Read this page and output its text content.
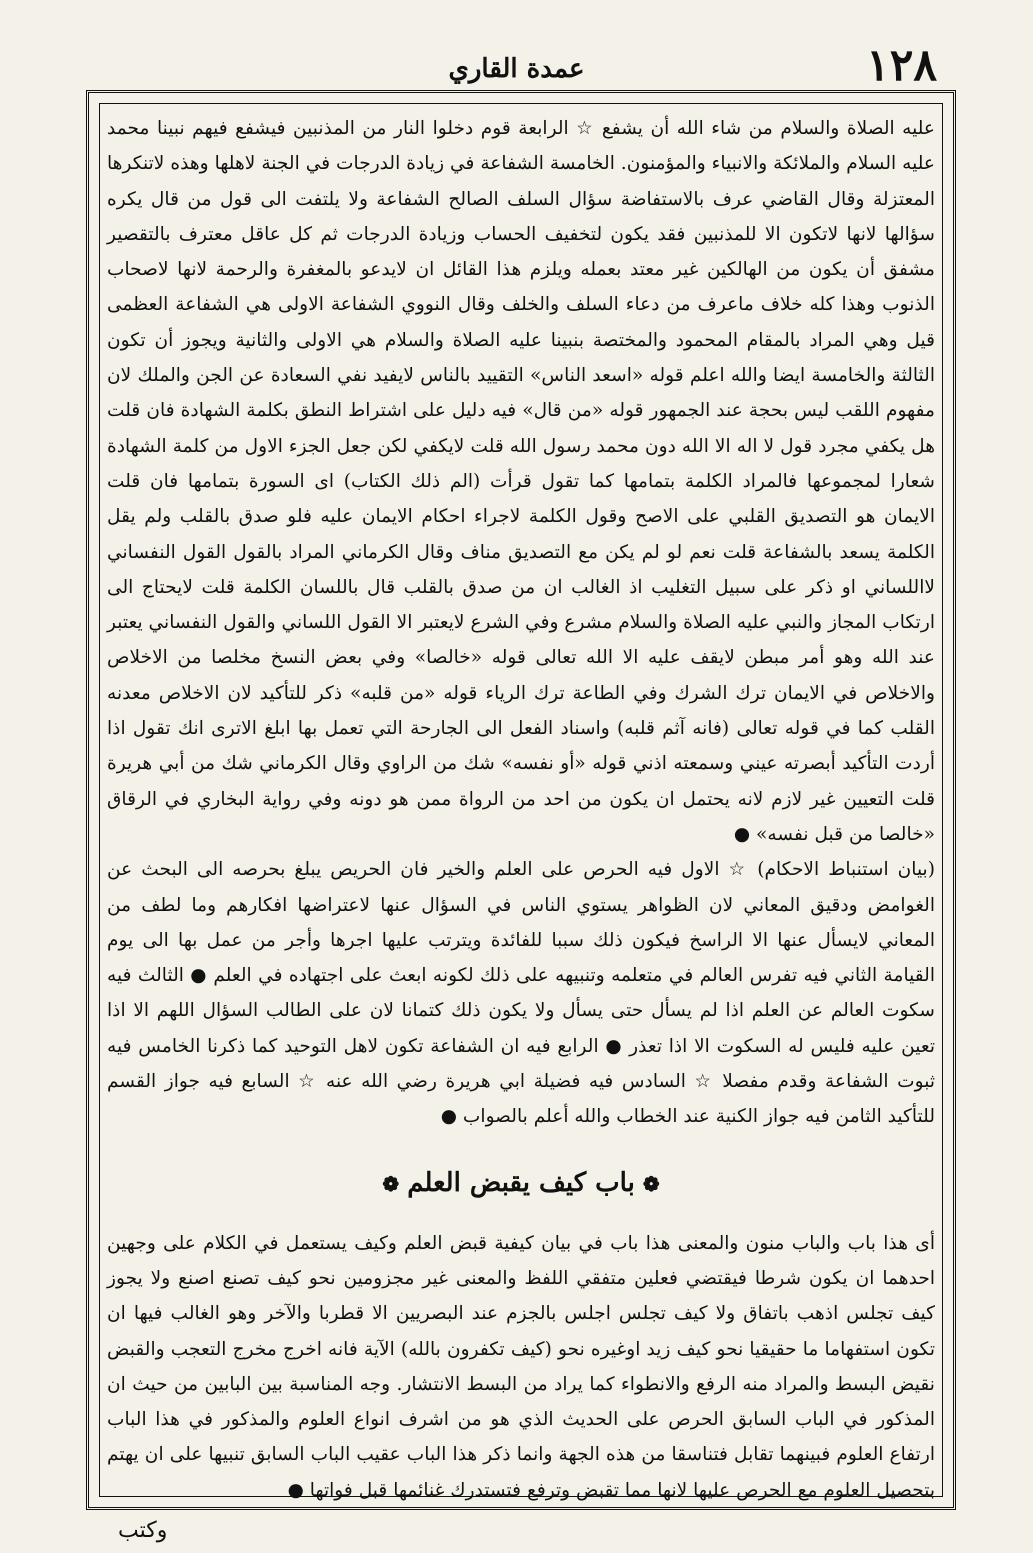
١٢٨
عمدة القاري

عليه الصلاة والسلام من شاء الله أن يشفع ☆ الرابعة قوم دخلوا النار من المذنبين فيشفع فيهم نبينا محمد عليه السلام والملائكة والانبياء والمؤمنون. الخامسة الشفاعة في زيادة الدرجات في الجنة لاهلها وهذه لاتنكرها المعتزلة وقال القاضي عرف بالاستفاضة سؤال السلف الصالح الشفاعة ولا يلتفت الى قول من قال يكره سؤالها لانها لاتكون الا للمذنبين فقد يكون لتخفيف الحساب وزيادة الدرجات ثم كل عاقل معترف بالتقصير مشفق أن يكون من الهالكين غير معتد بعمله ويلزم هذا القائل ان لايدعو بالمغفرة والرحمة لانها لاصحاب الذنوب وهذا كله خلاف ماعرف من دعاء السلف والخلف وقال النووي الشفاعة الاولى هي الشفاعة العظمى قيل وهي المراد بالمقام المحمود والمختصة بنبينا عليه الصلاة والسلام هي الاولى والثانية ويجوز أن تكون الثالثة والخامسة ايضا والله اعلم قوله «اسعد الناس» التقييد بالناس لايفيد نفي السعادة عن الجن والملك لان مفهوم اللقب ليس بحجة عند الجمهور قوله «من قال» فيه دليل على اشتراط النطق بكلمة الشهادة فان قلت هل يكفي مجرد قول لا اله الا الله دون محمد رسول الله قلت لايكفي لكن جعل الجزء الاول من كلمة الشهادة شعارا لمجموعها فالمراد الكلمة بتمامها كما تقول قرأت (الم ذلك الكتاب) اى السورة بتمامها فان قلت الايمان هو التصديق القلبي على الاصح وقول الكلمة لاجراء احكام الايمان عليه فلو صدق بالقلب ولم يقل الكلمة يسعد بالشفاعة قلت نعم لو لم يكن مع التصديق مناف وقال الكرماني المراد بالقول القول النفساني لااللساني او ذكر على سبيل التغليب اذ الغالب ان من صدق بالقلب قال باللسان الكلمة قلت لايحتاج الى ارتكاب المجاز والنبي عليه الصلاة والسلام مشرع وفي الشرع لايعتبر الا القول اللساني والقول النفساني يعتبر عند الله وهو أمر مبطن لايقف عليه الا الله تعالى قوله «خالصا» وفي بعض النسخ مخلصا من الاخلاص والاخلاص في الايمان ترك الشرك وفي الطاعة ترك الرياء قوله «من قلبه» ذكر للتأكيد لان الاخلاص معدنه القلب كما في قوله تعالى (فانه آثم قلبه) واسناد الفعل الى الجارحة التي تعمل بها ابلغ الاترى انك تقول اذا أردت التأكيد أبصرته عيني وسمعته اذني قوله «أو نفسه» شك من الراوي وقال الكرماني شك من أبي هريرة قلت التعيين غير لازم لانه يحتمل ان يكون من احد من الرواة ممن هو دونه وفي رواية البخاري في الرقاق «خالصا من قبل نفسه» ●

(بيان استنباط الاحكام) ☆ الاول فيه الحرص على العلم والخير فان الحريص يبلغ بحرصه الى البحث عن الغوامض ودقيق المعاني لان الظواهر يستوي الناس في السؤال عنها لاعتراضها افكارهم وما لطف من المعاني لايسأل عنها الا الراسخ فيكون ذلك سببا للفائدة ويترتب عليها اجرها وأجر من عمل بها الى يوم القيامة الثاني فيه تفرس العالم في متعلمه وتنبيهه على ذلك لكونه ابعث على اجتهاده في العلم ● الثالث فيه سكوت العالم عن العلم اذا لم يسأل حتى يسأل ولا يكون ذلك كتمانا لان على الطالب السؤال اللهم الا اذا تعين عليه فليس له السكوت الا اذا تعذر ● الرابع فيه ان الشفاعة تكون لاهل التوحيد كما ذكرنا الخامس فيه ثبوت الشفاعة وقدم مفصلا ☆ السادس فيه فضيلة ابي هريرة رضي الله عنه ☆ السابع فيه جواز القسم للتأكيد الثامن فيه جواز الكنية عند الخطاب والله أعلم بالصواب ●

❁باب كيف يقبض العلم❁

أى هذا باب والباب منون والمعنى هذا باب في بيان كيفية قبض العلم وكيف يستعمل في الكلام على وجهين احدهما ان يكون شرطا فيقتضي فعلين متفقي اللفظ والمعنى غير مجزومين نحو كيف تصنع اصنع ولا يجوز كيف تجلس اذهب باتفاق ولا كيف تجلس اجلس بالجزم عند البصريين الا قطربا والآخر وهو الغالب فيها ان تكون استفهاما ما حقيقيا نحو كيف زيد اوغيره نحو (كيف تكفرون بالله) الآية فانه اخرج مخرج التعجب والقبض نقيض البسط والمراد منه الرفع والانطواء كما يراد من البسط الانتشار. وجه المناسبة بين البابين من حيث ان المذكور في الباب السابق الحرص على الحديث الذي هو من اشرف انواع العلوم والمذكور في هذا الباب ارتفاع العلوم فبينهما تقابل فتناسقا من هذه الجهة وانما ذكر هذا الباب عقيب الباب السابق تنبيها على ان يهتم بتحصيل العلوم مع الحرص عليها لانها مما تقبض وترفع فتستدرك غنائمها قبل فواتها ●

وكتب
